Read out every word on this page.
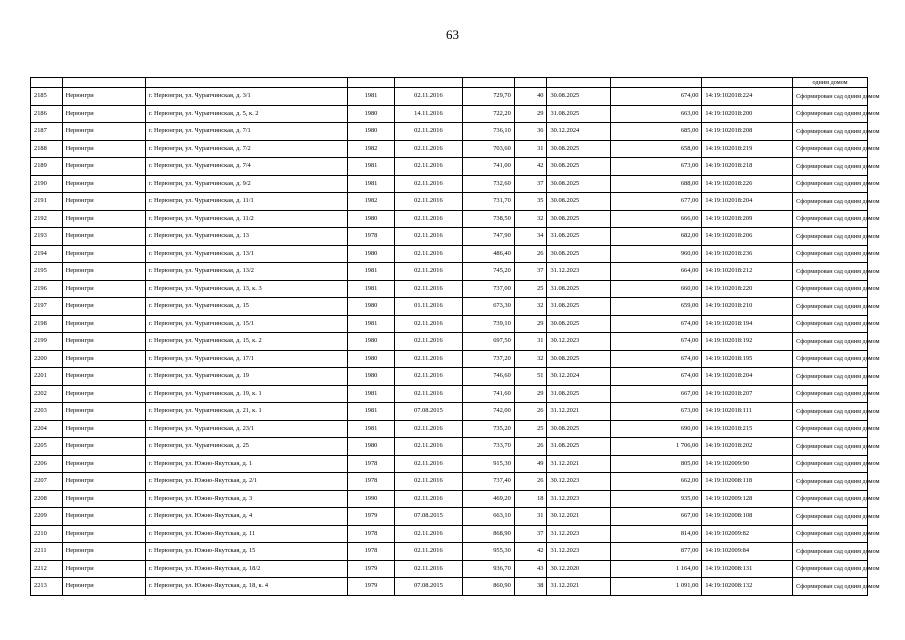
63
										одним домом
2185	Нерюнгри	г. Нерюнгри, ул. Чурапчинская, д. 3/1	1981	02.11.2016	729,70	40	30.08.2025	674,00	14:19:102018:224	Сформирован сад одним домом
2186	Нерюнгри	г. Нерюнгри, ул. Чурапчинская, д. 5, к. 2	1980	14.11.2016	722,20	29	31.08.2025	663,00	14:19:102018:200	Сформирован сад одним домом
2187	Нерюнгри	г. Нерюнгри, ул. Чурапчинская, д. 7/1	1980	02.11.2016	736,10	36	30.12.2024	685,00	14:19:102018:208	Сформирован сад одним домом
2188	Нерюнгри	г. Нерюнгри, ул. Чурапчинская, д. 7/2	1982	02.11.2016	703,60	31	30.08.2025	658,00	14:19:102018:219	Сформирован сад одним домом
2189	Нерюнгри	г. Нерюнгри, ул. Чурапчинская, д. 7/4	1981	02.11.2016	741,00	42	30.08.2025	673,00	14:19:102018:218	Сформирован сад одним домом
2190	Нерюнгри	г. Нерюнгри, ул. Чурапчинская, д. 9/2	1981	02.11.2016	732,60	37	30.08.2025	688,00	14:19:102018:226	Сформирован сад одним домом
2191	Нерюнгри	г. Нерюнгри, ул. Чурапчинская, д. 11/1	1982	02.11.2016	731,70	35	30.08.2025	677,00	14:19:102018:204	Сформирован сад одним домом
2192	Нерюнгри	г. Нерюнгри, ул. Чурапчинская, д. 11/2	1980	02.11.2016	738,50	32	30.08.2025	666,00	14:19:102018:209	Сформирован сад одним домом
2193	Нерюнгри	г. Нерюнгри, ул. Чурапчинская, д. 13	1978	02.11.2016	747,90	34	31.08.2025	682,00	14:19:102018:206	Сформирован сад одним домом
2194	Нерюнгри	г. Нерюнгри, ул. Чурапчинская, д. 13/1	1980	02.11.2016	486,40	26	30.08.2025	960,00	14:19:102018:236	Сформирован сад одним домом
2195	Нерюнгри	г. Нерюнгри, ул. Чурапчинская, д. 13/2	1981	02.11.2016	745,20	37	31.12.2023	664,00	14:19:102018:212	Сформирован сад одним домом
2196	Нерюнгри	г. Нерюнгри, ул. Чурапчинская, д. 13, к. 3	1981	02.11.2016	737,00	25	31.08.2025	660,00	14:19:102018:220	Сформирован сад одним домом
2197	Нерюнгри	г. Нерюнгри, ул. Чурапчинская, д. 15	1980	01.11.2016	673,30	32	31.08.2025	659,00	14:19:102018:210	Сформирован сад одним домом
2198	Нерюнгри	г. Нерюнгри, ул. Чурапчинская, д. 15/1	1981	02.11.2016	739,10	29	30.08.2025	674,00	14:19:102018:194	Сформирован сад одним домом
2199	Нерюнгри	г. Нерюнгри, ул. Чурапчинская, д. 15, к. 2	1980	02.11.2016	697,50	31	30.12.2023	674,00	14:19:102018:192	Сформирован сад одним домом
2200	Нерюнгри	г. Нерюнгри, ул. Чурапчинская, д. 17/1	1980	02.11.2016	737,20	32	30.08.2025	674,00	14:19:102018:195	Сформирован сад одним домом
2201	Нерюнгри	г. Нерюнгри, ул. Чурапчинская, д. 19	1980	02.11.2016	746,60	51	30.12.2024	674,00	14:19:102018:204	Сформирован сад одним домом
2202	Нерюнгри	г. Нерюнгри, ул. Чурапчинская, д. 19, к. 1	1981	02.11.2016	741,60	29	31.08.2025	667,00	14:19:102018:207	Сформирован сад одним домом
2203	Нерюнгри	г. Нерюнгри, ул. Чурапчинская, д. 21, к. 1	1981	07.08.2015	742,00	26	31.12.2021	673,00	14:19:102018:111	Сформирован сад одним домом
2204	Нерюнгри	г. Нерюнгри, ул. Чурапчинская, д. 23/1	1981	02.11.2016	735,20	25	30.08.2025	690,00	14:19:102018:215	Сформирован сад одним домом
2205	Нерюнгри	г. Нерюнгри, ул. Чурапчинская, д. 25	1980	02.11.2016	733,70	26	31.08.2025	1 706,00	14:19:102018:202	Сформирован сад одним домом
2206	Нерюнгри	г. Нерюнгри, ул. Южно-Якутская, д. 1	1978	02.11.2016	915,30	49	31.12.2021	805,00	14:19:102009:90	Сформирован сад одним домом
2207	Нерюнгри	г. Нерюнгри, ул. Южно-Якутская, д. 2/1	1978	02.11.2016	737,40	26	30.12.2023	662,00	14:19:102008:118	Сформирован сад одним домом
2208	Нерюнгри	г. Нерюнгри, ул. Южно-Якутская, д. 3	1990	02.11.2016	469,20	18	31.12.2023	935,00	14:19:102009:128	Сформирован сад одним домом
2209	Нерюнгри	г. Нерюнгри, ул. Южно-Якутская, д. 4	1979	07.08.2015	663,10	31	30.12.2021	667,00	14:19:102008:108	Сформирован сад одним домом
2210	Нерюнгри	г. Нерюнгри, ул. Южно-Якутская, д. 11	1978	02.11.2016	868,90	37	31.12.2023	814,00	14:19:102009:82	Сформирован сад одним домом
2211	Нерюнгри	г. Нерюнгри, ул. Южно-Якутская, д. 15	1978	02.11.2016	955,30	42	31.12.2023	877,00	14:19:102009:84	Сформирован сад одним домом
2212	Нерюнгри	г. Нерюнгри, ул. Южно-Якутская, д. 18/2	1979	02.11.2016	936,70	43	30.12.2020	1 164,00	14:19:102008:131	Сформирован сад одним домом
2213	Нерюнгри	г. Нерюнгри, ул. Южно-Якутская, д. 18, к. 4	1979	07.08.2015	860,90	38	31.12.2021	1 091,00	14:19:102008:132	Сформирован сад одним домом
